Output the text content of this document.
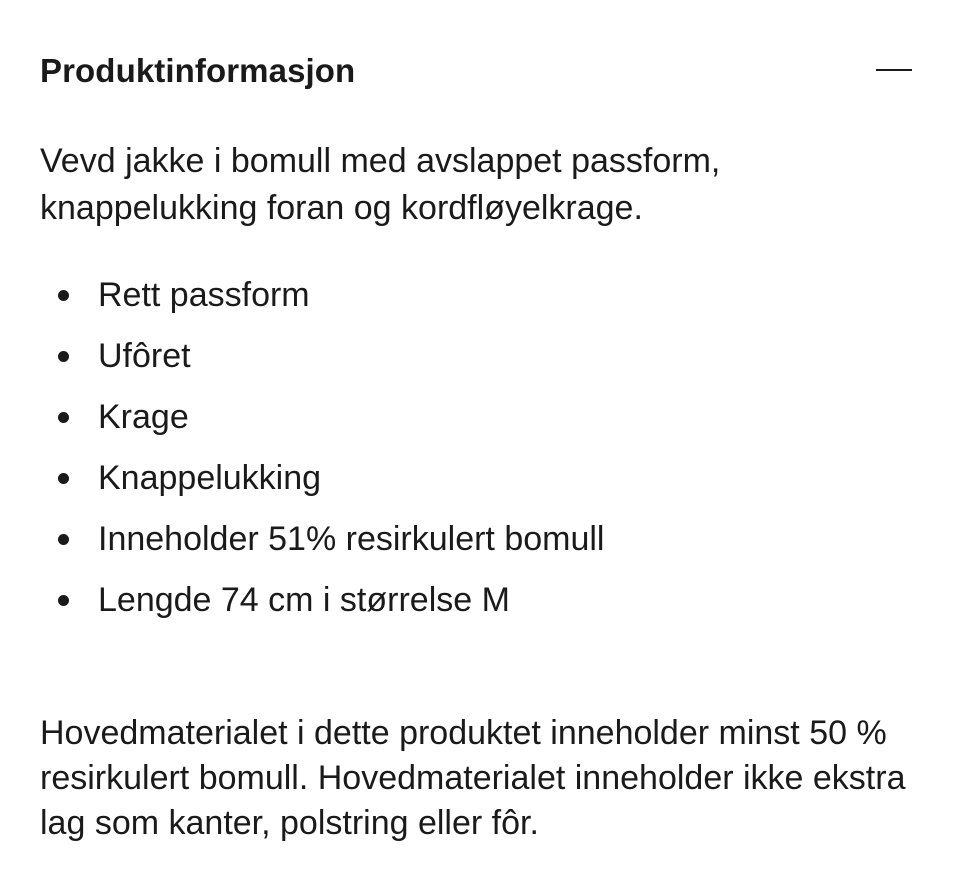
Produktinformasjon

Vevd jakke i bomull med avslappet passform, knappelukking foran og kordfløyelkrage.

Rett passform
Ufôret
Krage
Knappelukking
Inneholder 51% resirkulert bomull
Lengde 74 cm i størrelse M

Hovedmaterialet i dette produktet inneholder minst 50 % resirkulert bomull. Hovedmaterialet inneholder ikke ekstra lag som kanter, polstring eller fôr.
